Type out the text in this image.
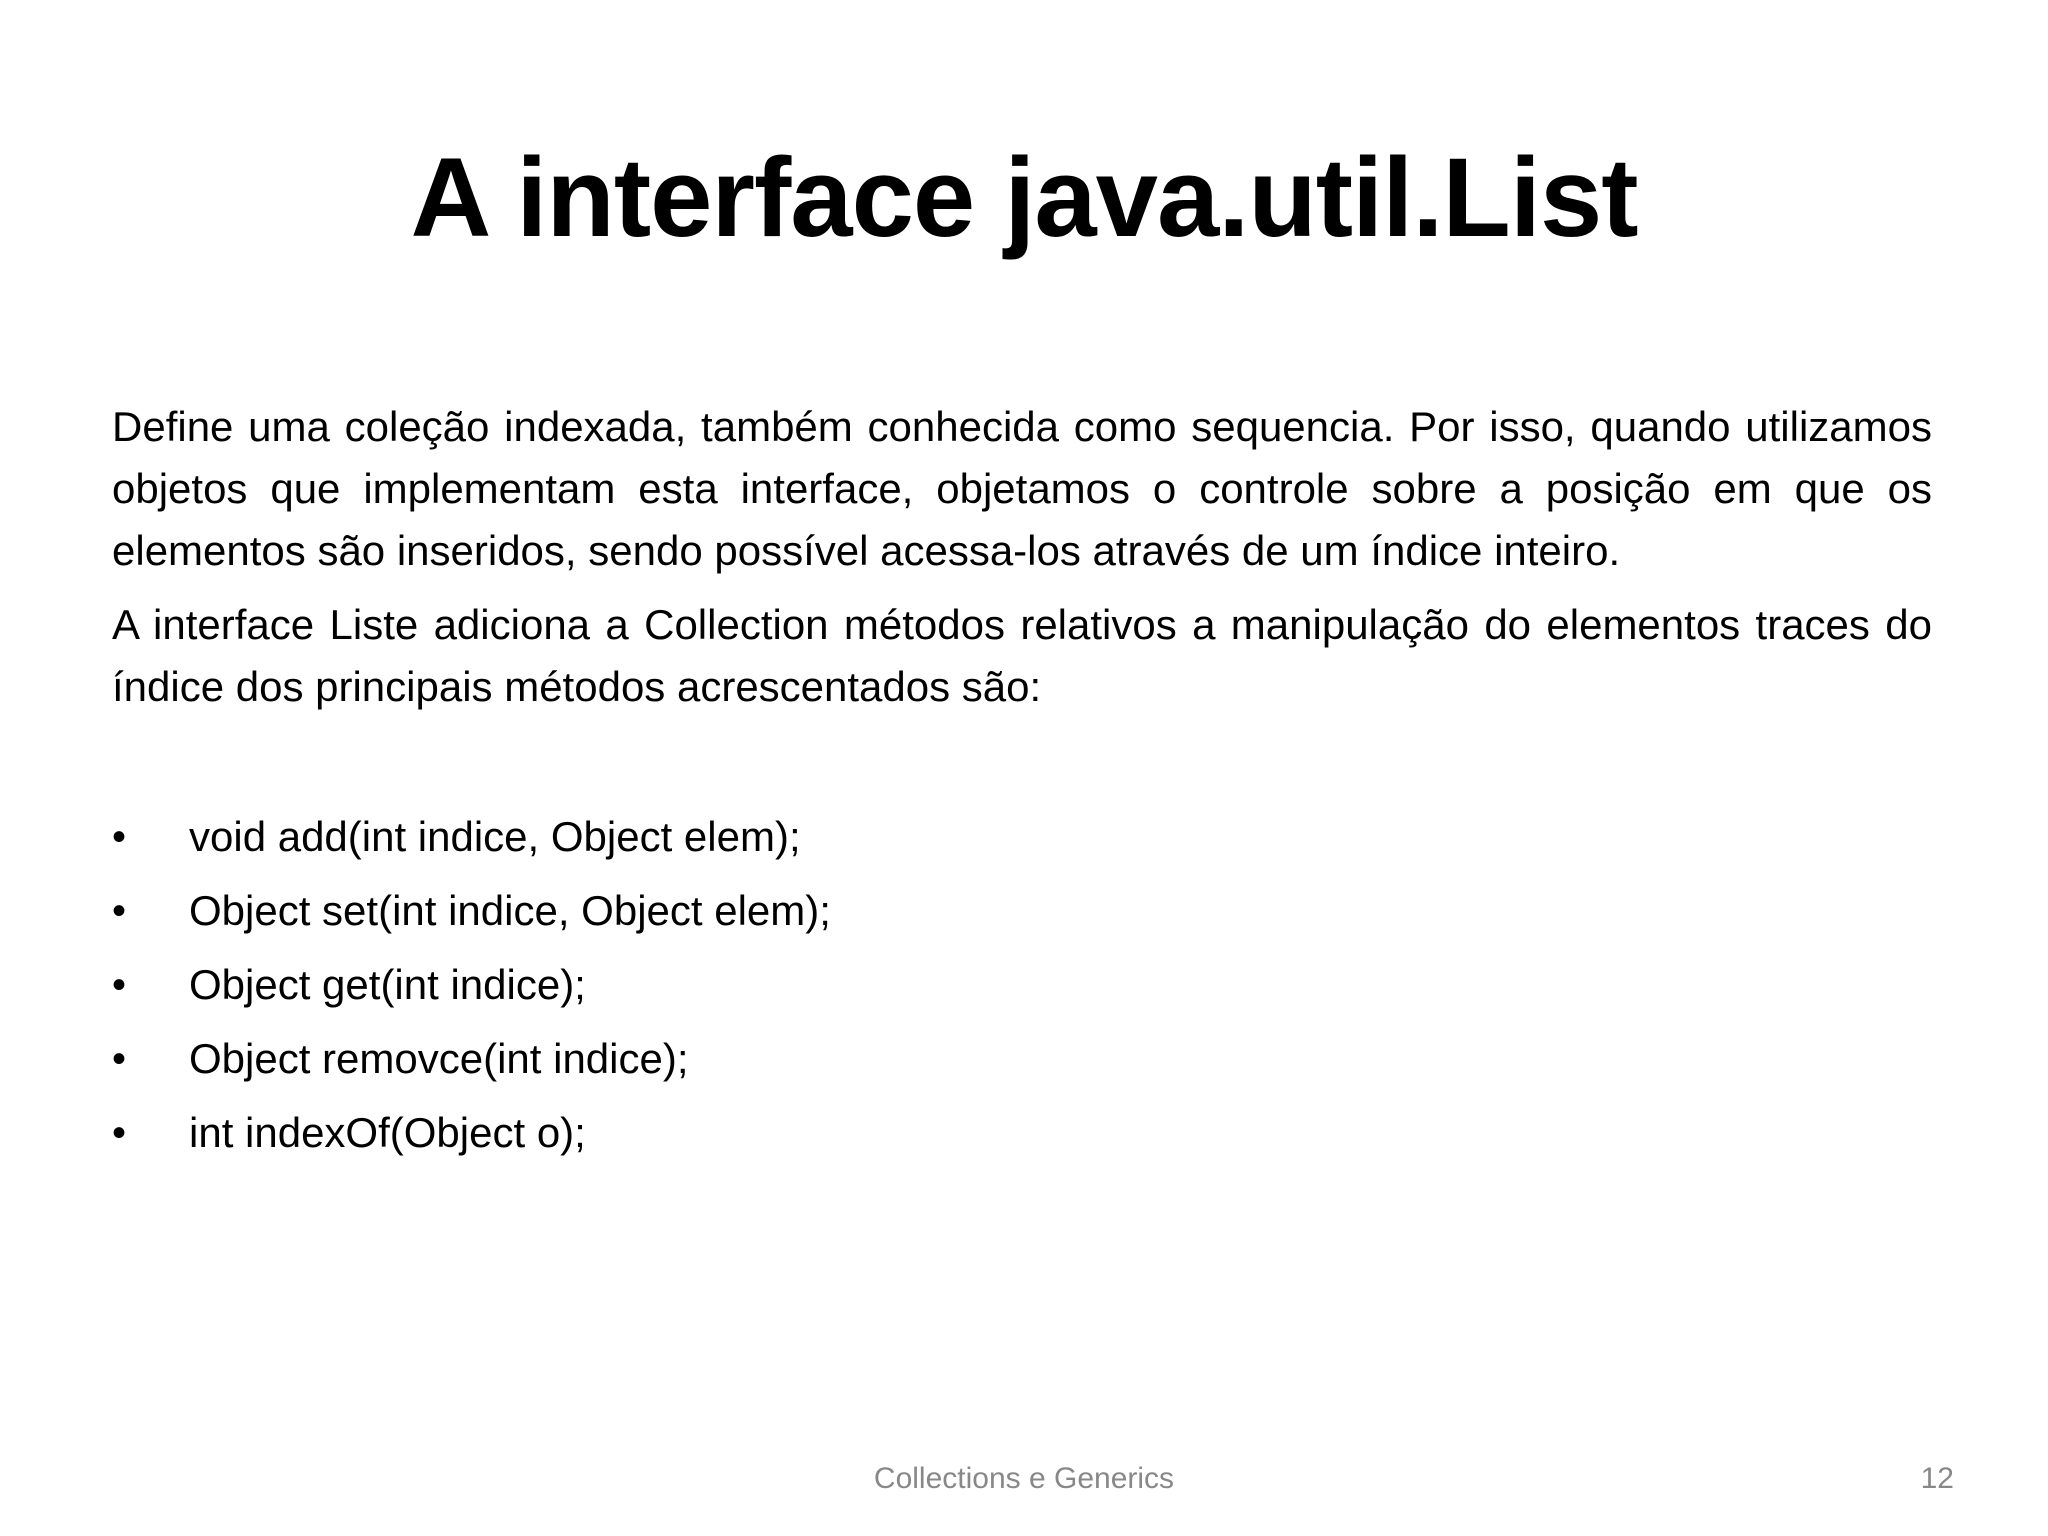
A interface java.util.List

Define uma coleção indexada, também conhecida como sequencia. Por isso, quando utilizamos objetos que implementam esta interface, objetamos o controle sobre a posição em que os elementos são inseridos, sendo possível acessa-los através de um índice inteiro.

A interface Liste adiciona a Collection métodos relativos a manipulação do elementos traces do índice dos principais métodos acrescentados são:

• void add(int indice, Object elem);
• Object set(int indice, Object elem);
• Object get(int indice);
• Object removce(int indice);
• int indexOf(Object o);
Collections e Generics	12
